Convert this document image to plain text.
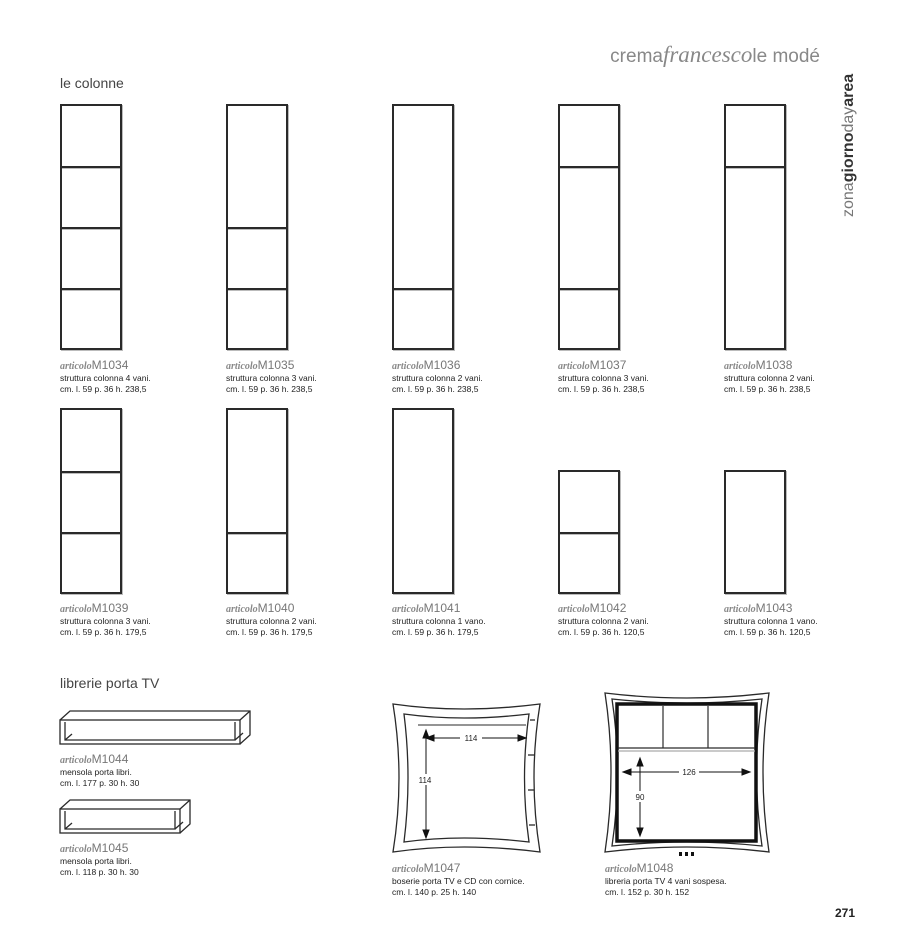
cremafrancescole modé
zonagiornodayarea
le colonne
librerie porta TV
articoloM1034
struttura colonna 4 vani.
cm. l. 59 p. 36 h. 238,5
articoloM1035
struttura colonna 3 vani.
cm. l. 59 p. 36 h. 238,5
articoloM1036
struttura colonna 2 vani.
cm. l. 59 p. 36 h. 238,5
articoloM1037
struttura colonna 3 vani.
cm. l. 59 p. 36 h. 238,5
articoloM1038
struttura colonna 2 vani.
cm. l. 59 p. 36 h. 238,5
articoloM1039
struttura colonna 3 vani.
cm. l. 59 p. 36 h. 179,5
articoloM1040
struttura colonna 2 vani.
cm. l. 59 p. 36 h. 179,5
articoloM1041
struttura colonna 1 vano.
cm. l. 59 p. 36 h. 179,5
articoloM1042
struttura colonna 2 vani.
cm. l. 59 p. 36 h. 120,5
articoloM1043
struttura colonna 1 vano.
cm. l. 59 p. 36 h. 120,5
articoloM1044
mensola porta libri.
cm. l. 177 p. 30 h. 30
articoloM1045
mensola porta libri.
cm. l. 118 p. 30 h. 30
114
114
articoloM1047
boserie porta TV e CD con cornice.
cm. l. 140 p. 25 h. 140
126
90
articoloM1048
libreria porta TV 4 vani sospesa.
cm. l. 152 p. 30 h. 152
271
